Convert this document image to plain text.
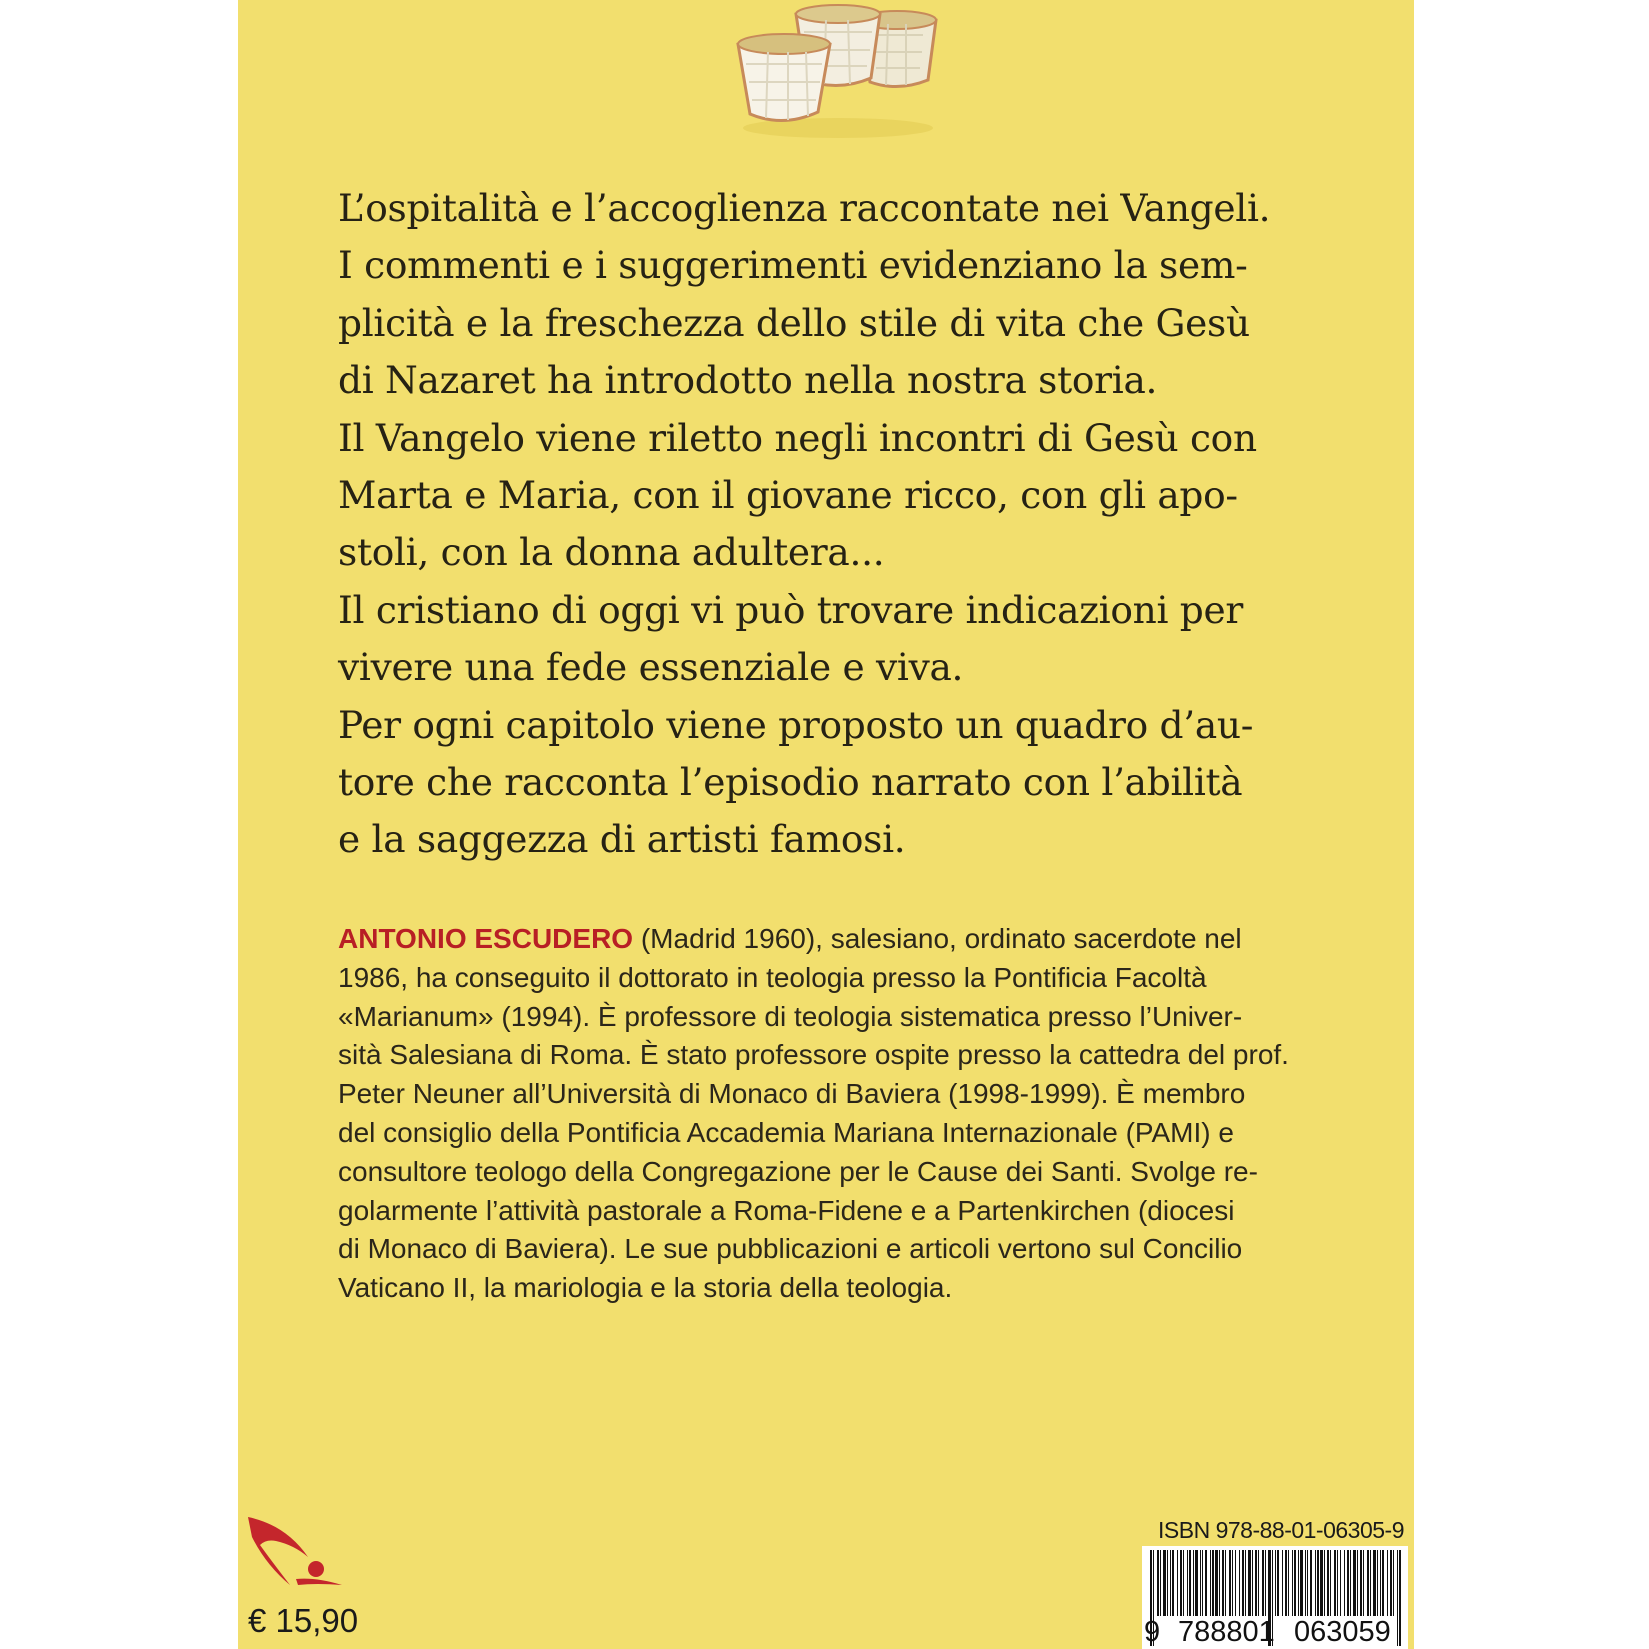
L’ospitalità e l’accoglienza raccontate nei Vangeli.
I commenti e i suggerimenti evidenziano la sem-
plicità e la freschezza dello stile di vita che Gesù
di Nazaret ha introdotto nella nostra storia.
Il Vangelo viene riletto negli incontri di Gesù con
Marta e Maria, con il giovane ricco, con gli apo-
stoli, con la donna adultera...
Il cristiano di oggi vi può trovare indicazioni per
vivere una fede essenziale e viva.
Per ogni capitolo viene proposto un quadro d’au-
tore che racconta l’episodio narrato con l’abilità
e la saggezza di artisti famosi.
ANTONIO ESCUDERO (Madrid 1960), salesiano, ordinato sacerdote nel
1986, ha conseguito il dottorato in teologia presso la Pontificia Facoltà
«Marianum» (1994). È professore di teologia sistematica presso l’Univer-
sità Salesiana di Roma. È stato professore ospite presso la cattedra del prof.
Peter Neuner all’Università di Monaco di Baviera (1998-1999). È membro
del consiglio della Pontificia Accademia Mariana Internazionale (PAMI) e
consultore teologo della Congregazione per le Cause dei Santi. Svolge re-
golarmente l’attività pastorale a Roma-Fidene e a Partenkirchen (diocesi
di Monaco di Baviera). Le sue pubblicazioni e articoli vertono sul Concilio
Vaticano II, la mariologia e la storia della teologia.
€ 15,90
ISBN 978-88-01-06305-9
9 788801 063059
